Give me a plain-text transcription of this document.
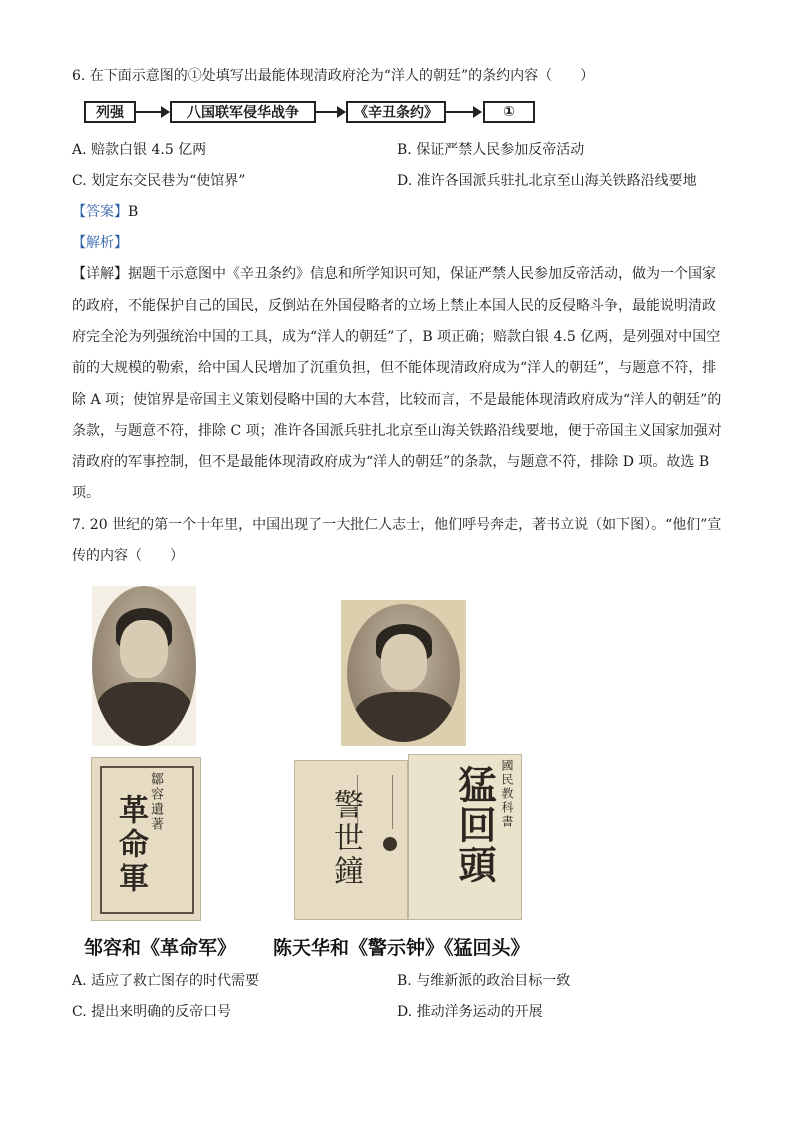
6. 在下面示意图的①处填写出最能体现清政府沦为“洋人的朝廷”的条约内容（　　）
列强	八国联军侵华战争	《辛丑条约》	①
A. 赔款白银 4.5 亿两	B. 保证严禁人民参加反帝活动
C. 划定东交民巷为“使馆界”	D. 准许各国派兵驻扎北京至山海关铁路沿线要地
【答案】B
【解析】
【详解】据题干示意图中《辛丑条约》信息和所学知识可知，保证严禁人民参加反帝活动，做为一个国家
的政府，不能保护自己的国民，反倒站在外国侵略者的立场上禁止本国人民的反侵略斗争，最能说明清政
府完全沦为列强统治中国的工具，成为“洋人的朝廷”了，B 项正确；赔款白银 4.5 亿两，是列强对中国空
前的大规模的勒索，给中国人民增加了沉重负担，但不能体现清政府成为“洋人的朝廷”，与题意不符，排
除 A 项；使馆界是帝国主义策划侵略中国的大本营，比较而言，不是最能体现清政府成为“洋人的朝廷”的
条款，与题意不符，排除 C 项；准许各国派兵驻扎北京至山海关铁路沿线要地，便于帝国主义国家加强对
清政府的军事控制，但不是最能体现清政府成为“洋人的朝廷”的条款，与题意不符，排除 D 项。故选 B
项。
7. 20 世纪的第一个十年里，中国出现了一大批仁人志士，他们呼号奔走，著书立说（如下图）。“他们”宣
传的内容（　　）
鄒容遺著
革命軍	警世鐘	國民教科書
猛回頭
邹容和《革命军》 陈天华和《警示钟》《猛回头》
A. 适应了救亡图存的时代需要	B. 与维新派的政治目标一致
C. 提出来明确的反帝口号	D. 推动洋务运动的开展
